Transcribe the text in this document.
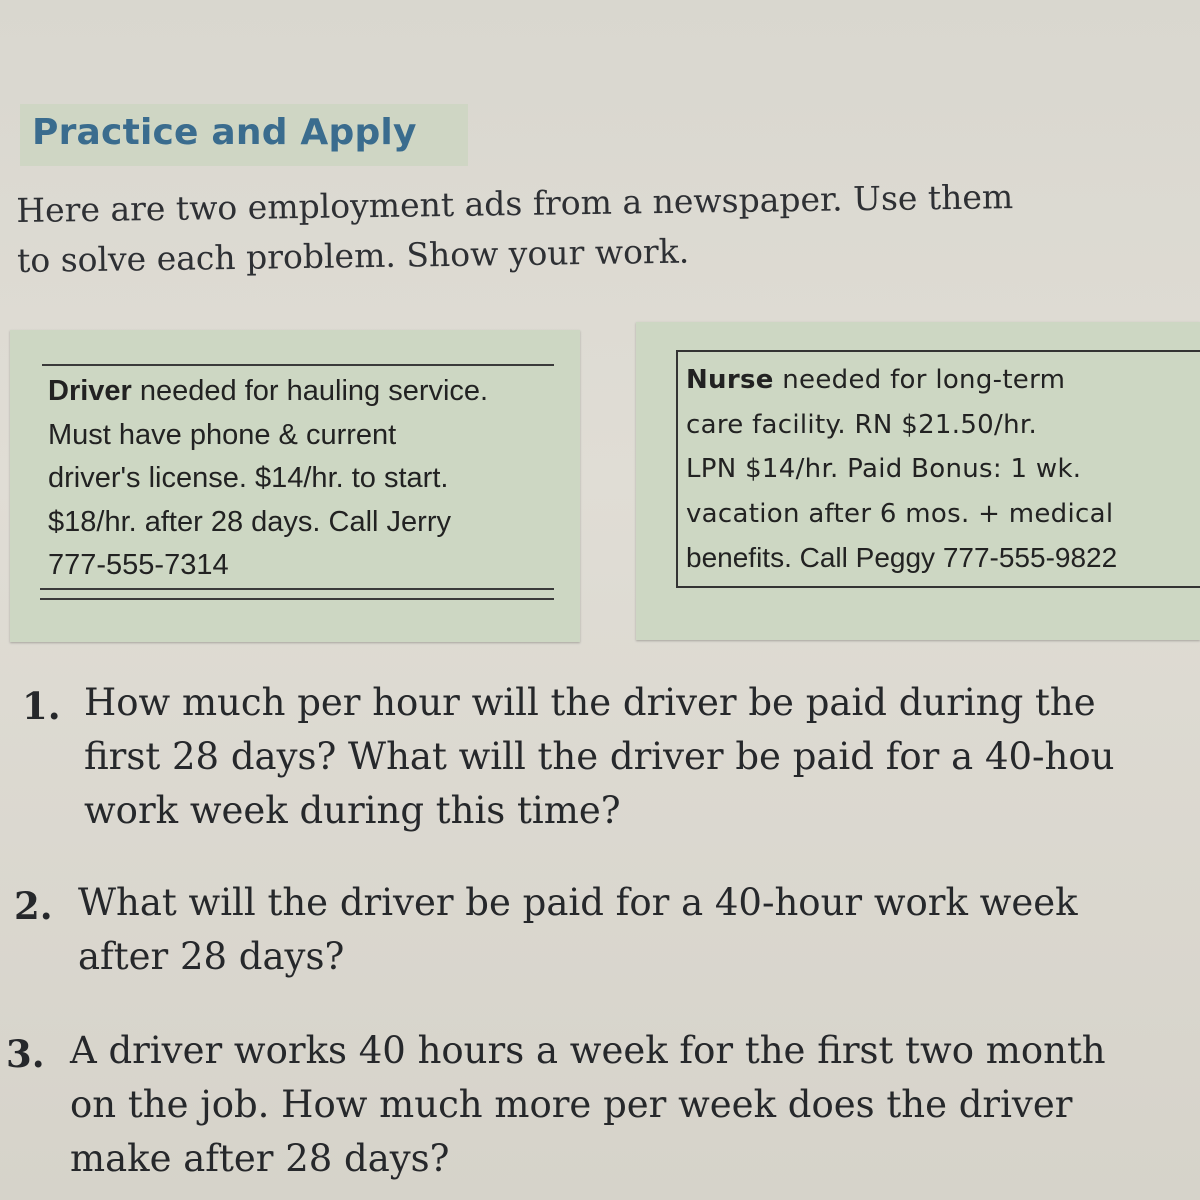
Practice and Apply
Here are two employment ads from a newspaper. Use them
to solve each problem. Show your work.
Driver needed for hauling service.
Must have phone & current
driver's license. $14/hr. to start.
$18/hr. after 28 days. Call Jerry
777-555-7314
Nurse needed for long-term
care facility. RN $21.50/hr.
LPN $14/hr. Paid Bonus: 1 wk.
vacation after 6 mos. + medical
benefits. Call Peggy 777-555-9822
1. How much per hour will the driver be paid during the
first 28 days? What will the driver be paid for a 40-hou
work week during this time?
2. What will the driver be paid for a 40-hour work week
after 28 days?
3. A driver works 40 hours a week for the first two month
on the job. How much more per week does the driver
make after 28 days?
